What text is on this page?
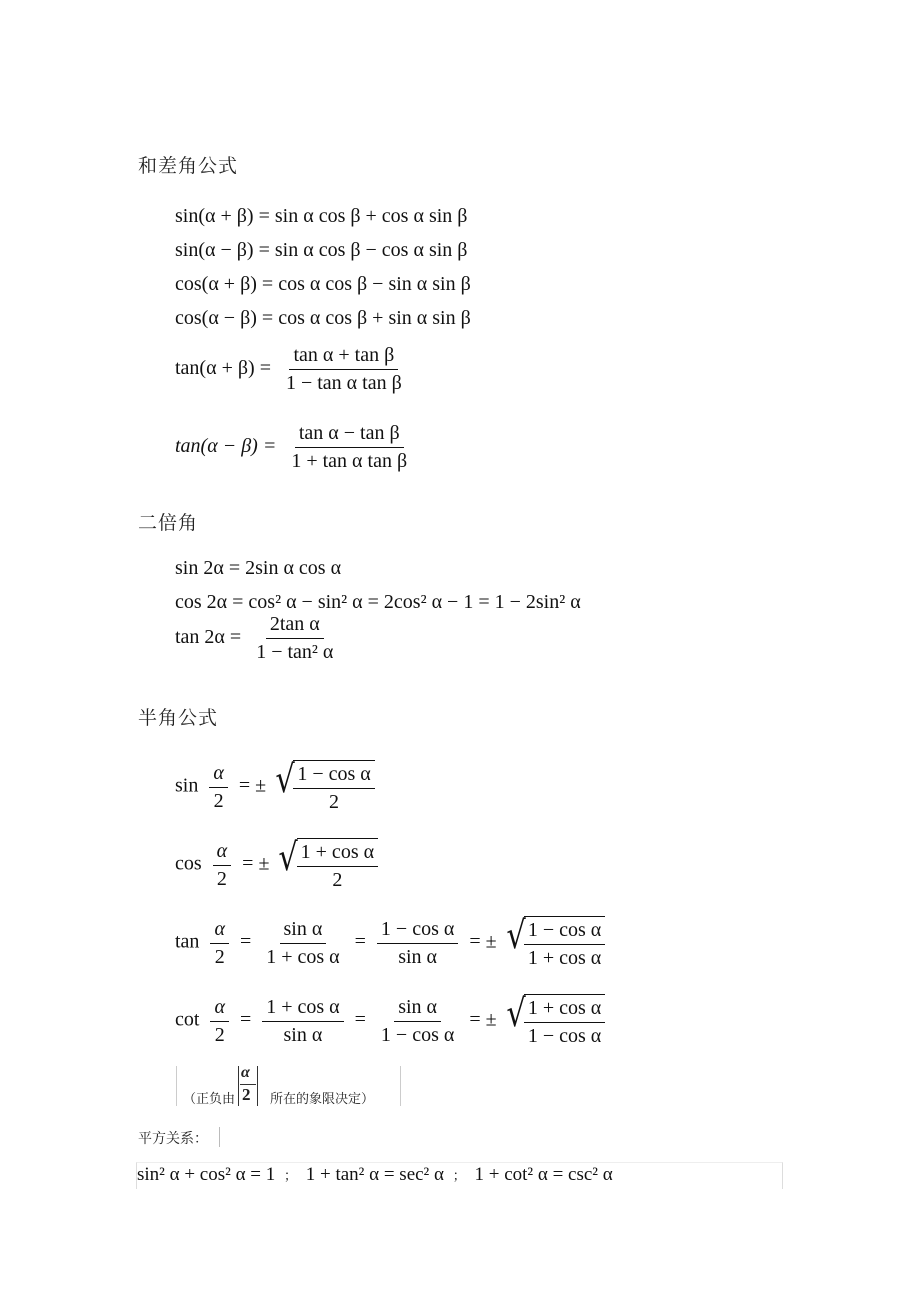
和差角公式
sin(α + β) = sin α cos β + cos α sin β
sin(α − β) = sin α cos β − cos α sin β
cos(α + β) = cos α cos β − sin α sin β
cos(α − β) = cos α cos β + sin α sin β
$\tan(\alpha + \beta) = \frac{\text{tan α + tan β}}{\text{1 − tan α tan β}}$
$\tan(\alpha - \beta) = \frac{\text{tan α − tan β}}{\text{1 + tan α tan β}}$
二倍角
sin 2α = 2sin α cos α
cos 2α = cos² α − sin² α = 2cos² α − 1 = 1 − 2sin² α
$\tan 2\alpha = \frac{\text{2tan α}}{\text{1 − tan² α}}$
半角公式
$\sin \frac{\alpha}{2}$ = ± √
$\frac{\text{1 − cos α}}{2}$
$\cos \frac{\alpha}{2}$ = ± √
$\frac{\text{1 + cos α}}{2}$
$\tan \frac{\alpha}{2} = \frac{\text{sin α}}{\text{1 + cos α}} = \frac{\text{1 − cos α}}{\text{sin α}}$ = ± √
$\frac{\text{1 − cos α}}{\text{1 + cos α}}$
$\cot \frac{\alpha}{2} = \frac{\text{1 + cos α}}{\text{sin α}} = \frac{\text{sin α}}{\text{1 − cos α}}$ = ± √
$\frac{\text{1 + cos α}}{\text{1 − cos α}}$
（正负由
α
2 所在的象限决定）
平方关系：
sin² α + cos² α = 1 ； 1 + tan² α = sec² α ； 1 + cot² α = csc² α
